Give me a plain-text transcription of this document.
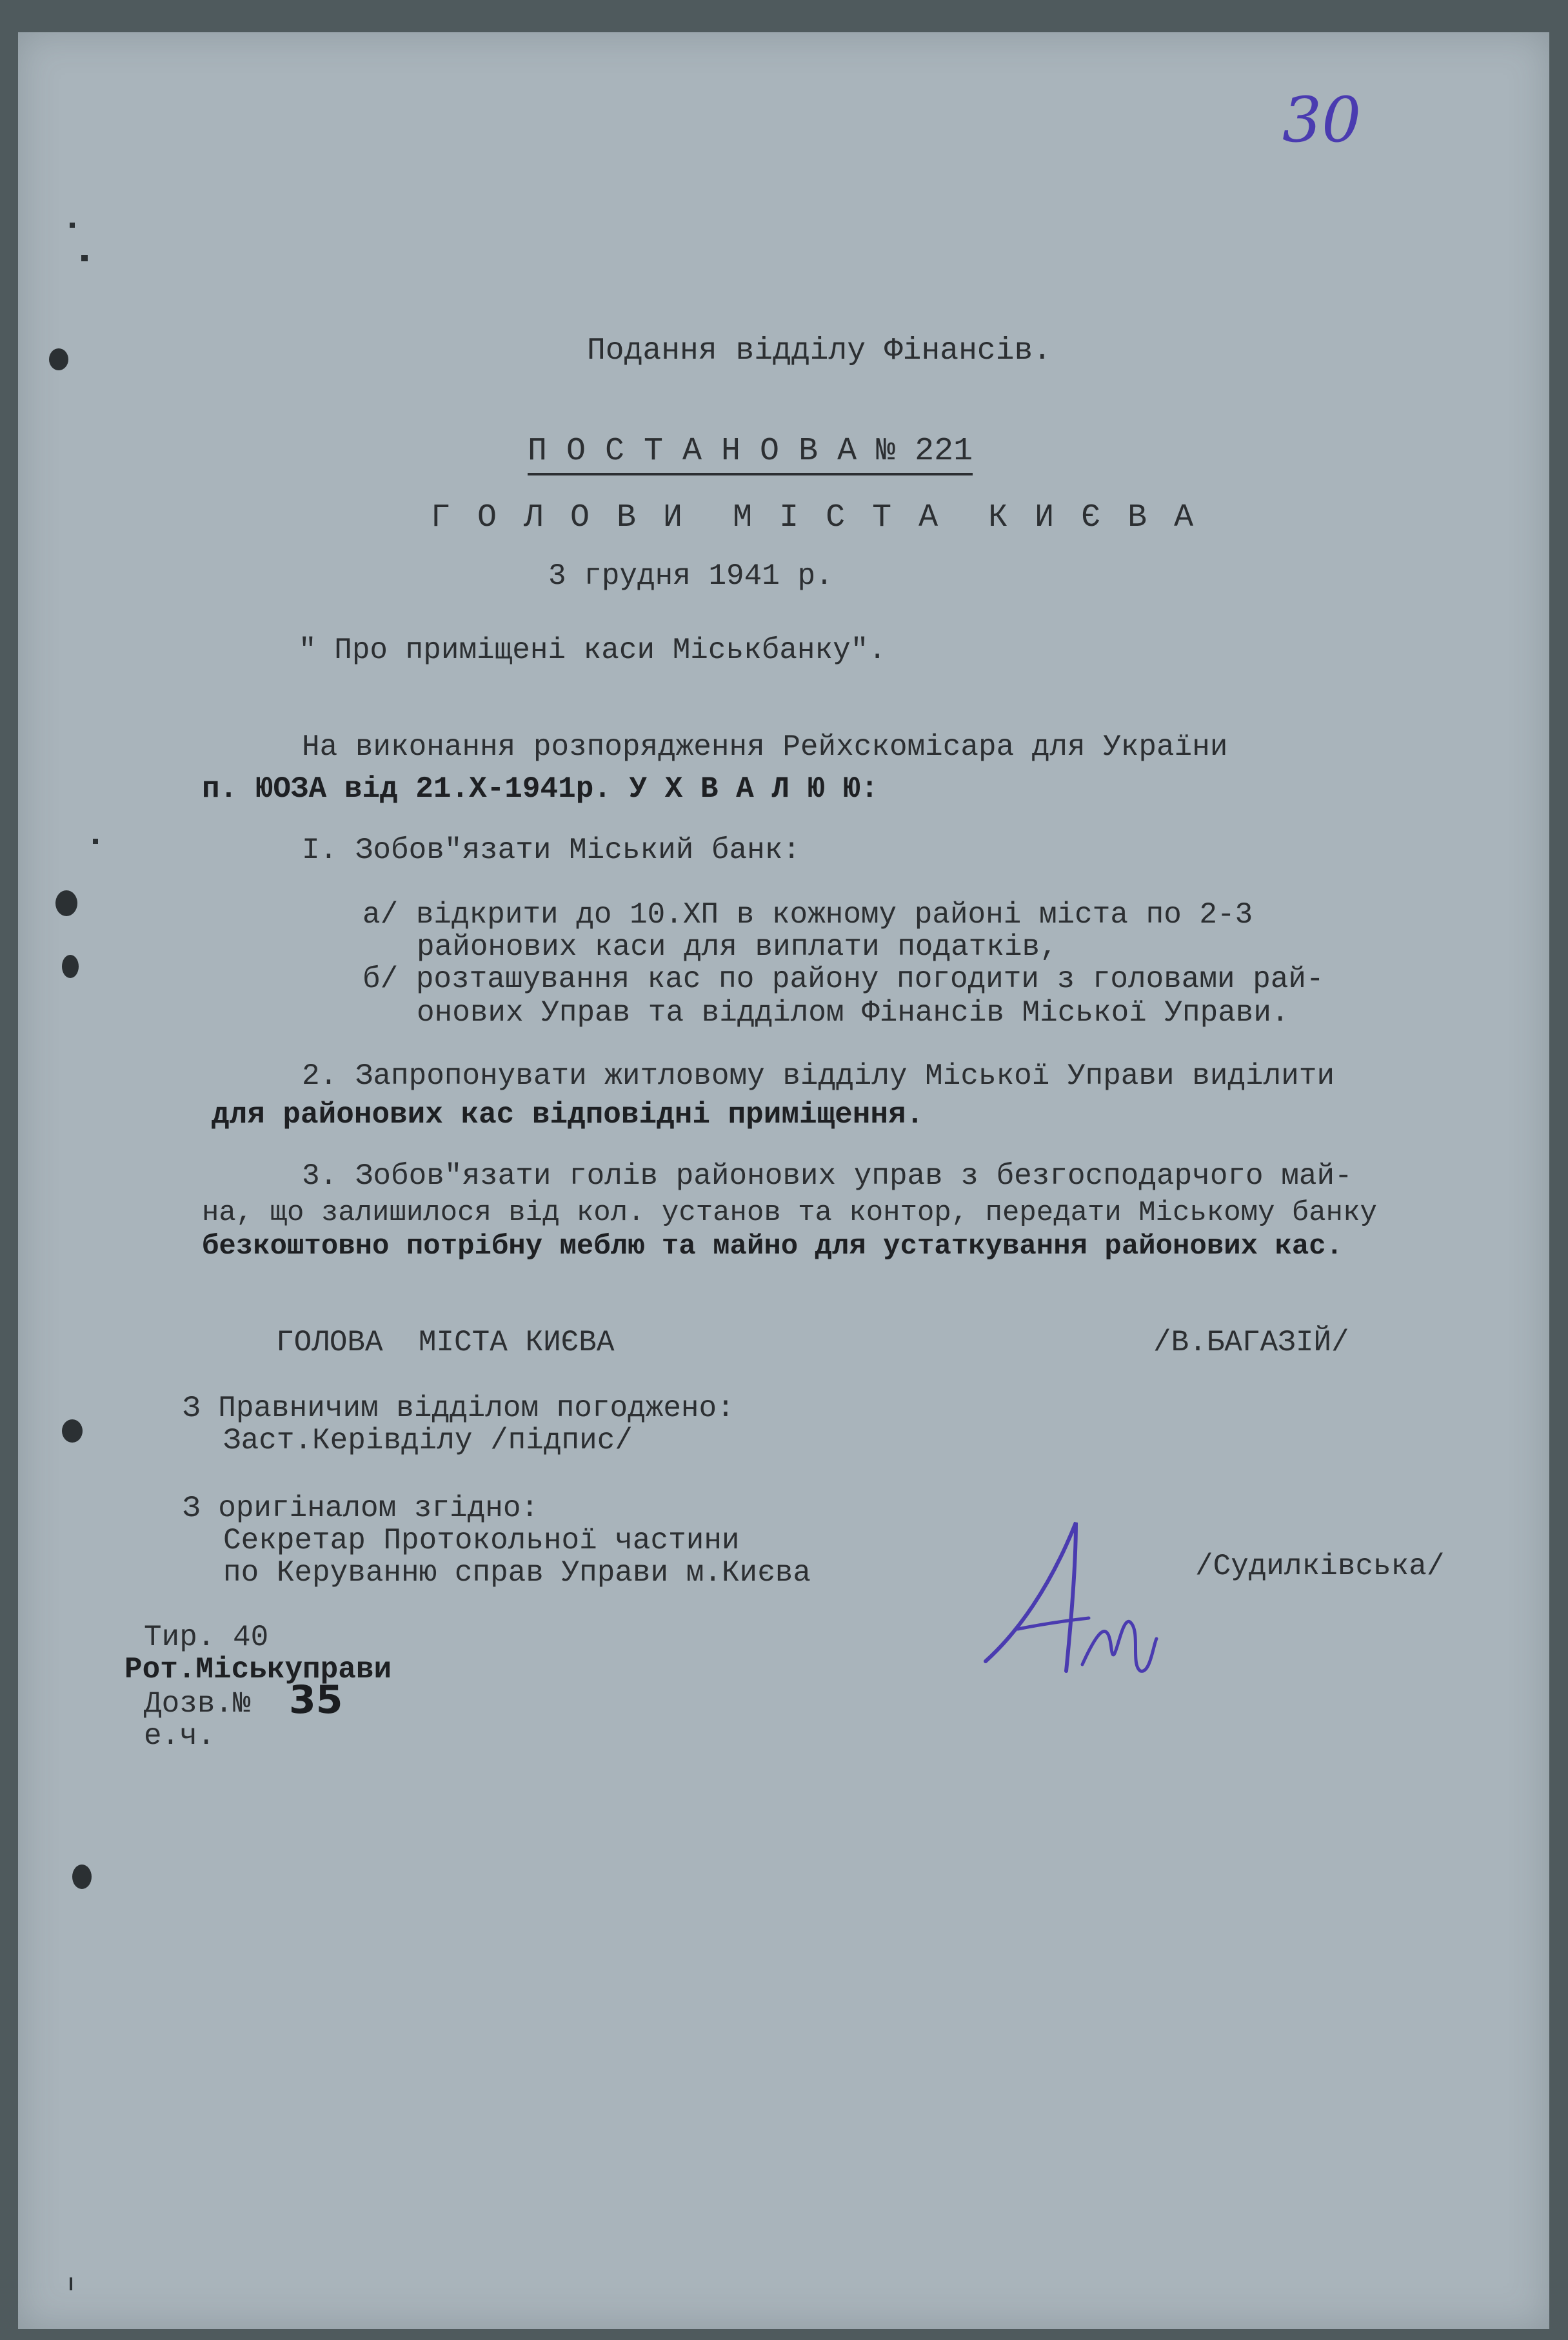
30
Подання відділу Фінансів.
П О С Т А Н О В А № 221
Г О Л О В И  М І С Т А  К И Є В А
3 грудня 1941 р.
" Про приміщені каси Міськбанку".
На виконання розпорядження Рейхскомісара для України
п. ЮОЗА від 21.X-1941р. У Х В А Л Ю Ю:
I. Зобов"язати Міський банк:
а/ відкрити до 10.ХП в кожному районі міста по 2-3
районових каси для виплати податків,
б/ розташування кас по району погодити з головами рай-
онових Управ та відділом Фінансів Міської Управи.
2. Запропонувати житловому відділу Міської Управи виділити
для районових кас відповідні приміщення.
3. Зобов"язати голів районових управ з безгосподарчого май-
на, що залишилося від кол. установ та контор, передати Міському банку
безкоштовно потрібну меблю та майно для устаткування районових кас.
ГОЛОВА  МІСТА КИЄВА	/В.БАГАЗІЙ/
З Правничим відділом погоджено:
Заст.Керівділу /підпис/
З оригіналом згідно:
Секретар Протокольної частини
по Керуванню справ Управи м.Києва	/Судилківська/
Тир. 40
Рот.Міськуправи
Дозв.№ 35
е.ч.
